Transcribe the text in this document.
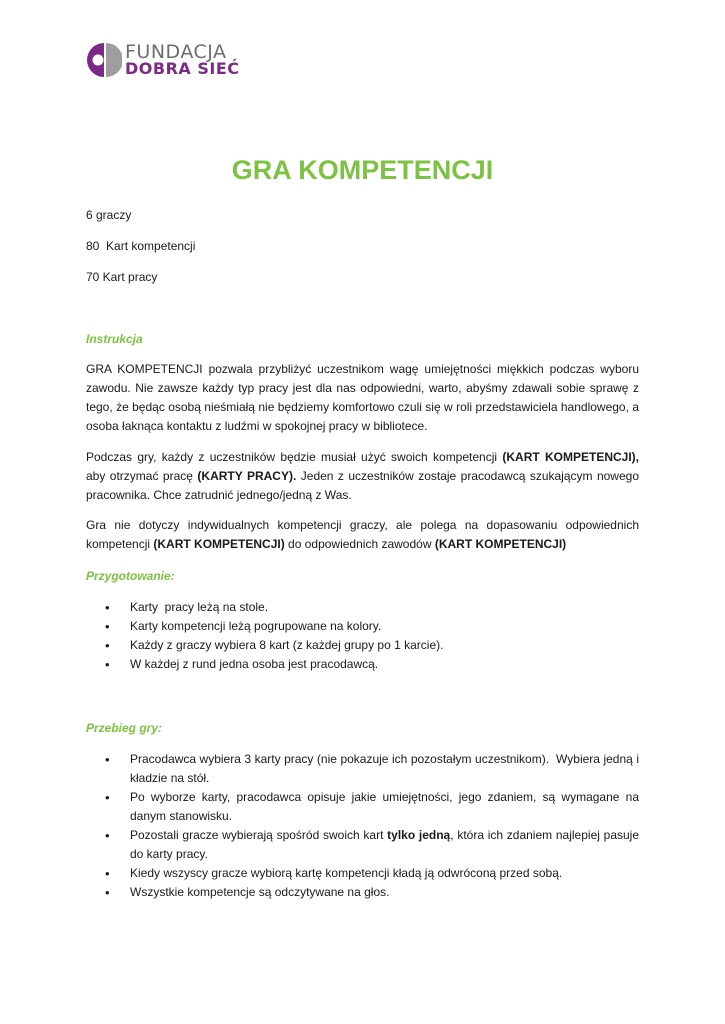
FUNDACJA
DOBRA SIEĆ
GRA KOMPETENCJI

6 graczy

80  Kart kompetencji

70 Kart pracy

Instrukcja

GRA KOMPETENCJI pozwala przybliżyć uczestnikom wagę umiejętności miękkich podczas wyboru zawodu. Nie zawsze każdy typ pracy jest dla nas odpowiedni, warto, abyśmy zdawali sobie sprawę z tego, że będąc osobą nieśmiałą nie będziemy komfortowo czuli się w roli przedstawiciela handlowego, a osoba łaknąca kontaktu z ludźmi w spokojnej pracy w bibliotece.

Podczas gry, każdy z uczestników będzie musiał użyć swoich kompetencji (KART KOMPETENCJI), aby otrzymać pracę (KARTY PRACY). Jeden z uczestników zostaje pracodawcą szukającym nowego pracownika. Chce zatrudnić jednego/jedną z Was.

Gra nie dotyczy indywidualnych kompetencji graczy, ale polega na dopasowaniu odpowiednich kompetencji (KART KOMPETENCJI) do odpowiednich zawodów (KART KOMPETENCJI)

Przygotowanie:

• Karty  pracy leżą na stole.
• Karty kompetencji leżą pogrupowane na kolory.
• Każdy z graczy wybiera 8 kart (z każdej grupy po 1 karcie).
• W każdej z rund jedna osoba jest pracodawcą.

Przebieg gry:

• Pracodawca wybiera 3 karty pracy (nie pokazuje ich pozostałym uczestnikom).  Wybiera jedną i kładzie na stół.
• Po wyborze karty, pracodawca opisuje jakie umiejętności, jego zdaniem, są wymagane na danym stanowisku.
• Pozostali gracze wybierają spośród swoich kart tylko jedną, która ich zdaniem najlepiej pasuje do karty pracy.
• Kiedy wszyscy gracze wybiorą kartę kompetencji kładą ją odwróconą przed sobą.
• Wszystkie kompetencje są odczytywane na głos.
